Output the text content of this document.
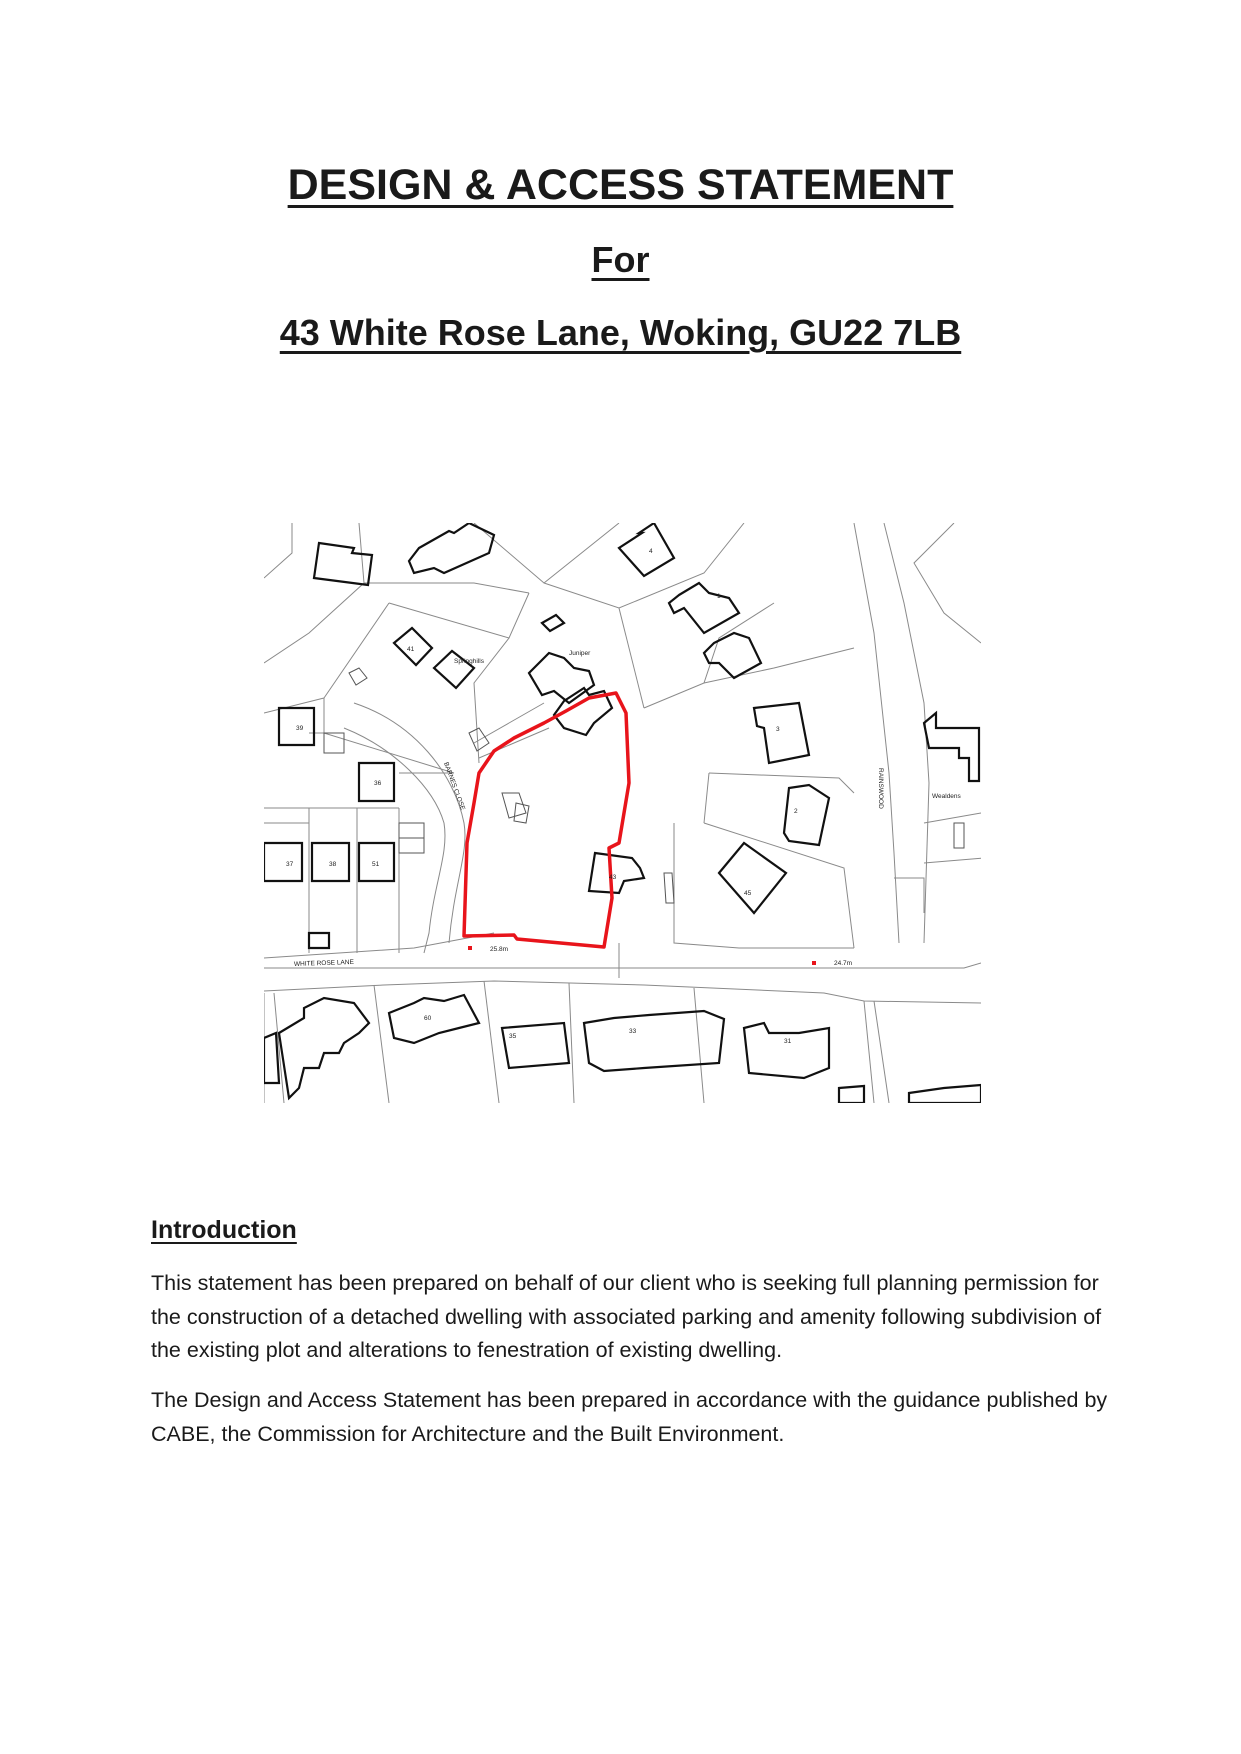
DESIGN & ACCESS STATEMENT

For

43 White Rose Lane, Woking, GU22 7LB

Springhills
Juniper
WHITE ROSE LANE
BARNES CLOSE	RAINSWOOD	Wealdens
25.8m
24.7m
43
45
41
39
36
37	38	51
60
35
33
31
4
3
2
1
Introduction

This statement has been prepared on behalf of our client who is seeking full planning permission for the construction of a detached dwelling with associated parking and amenity following subdivision of the existing plot and alterations to fenestration of existing dwelling.

The Design and Access Statement has been prepared in accordance with the guidance published by CABE, the Commission for Architecture and the Built Environment.
